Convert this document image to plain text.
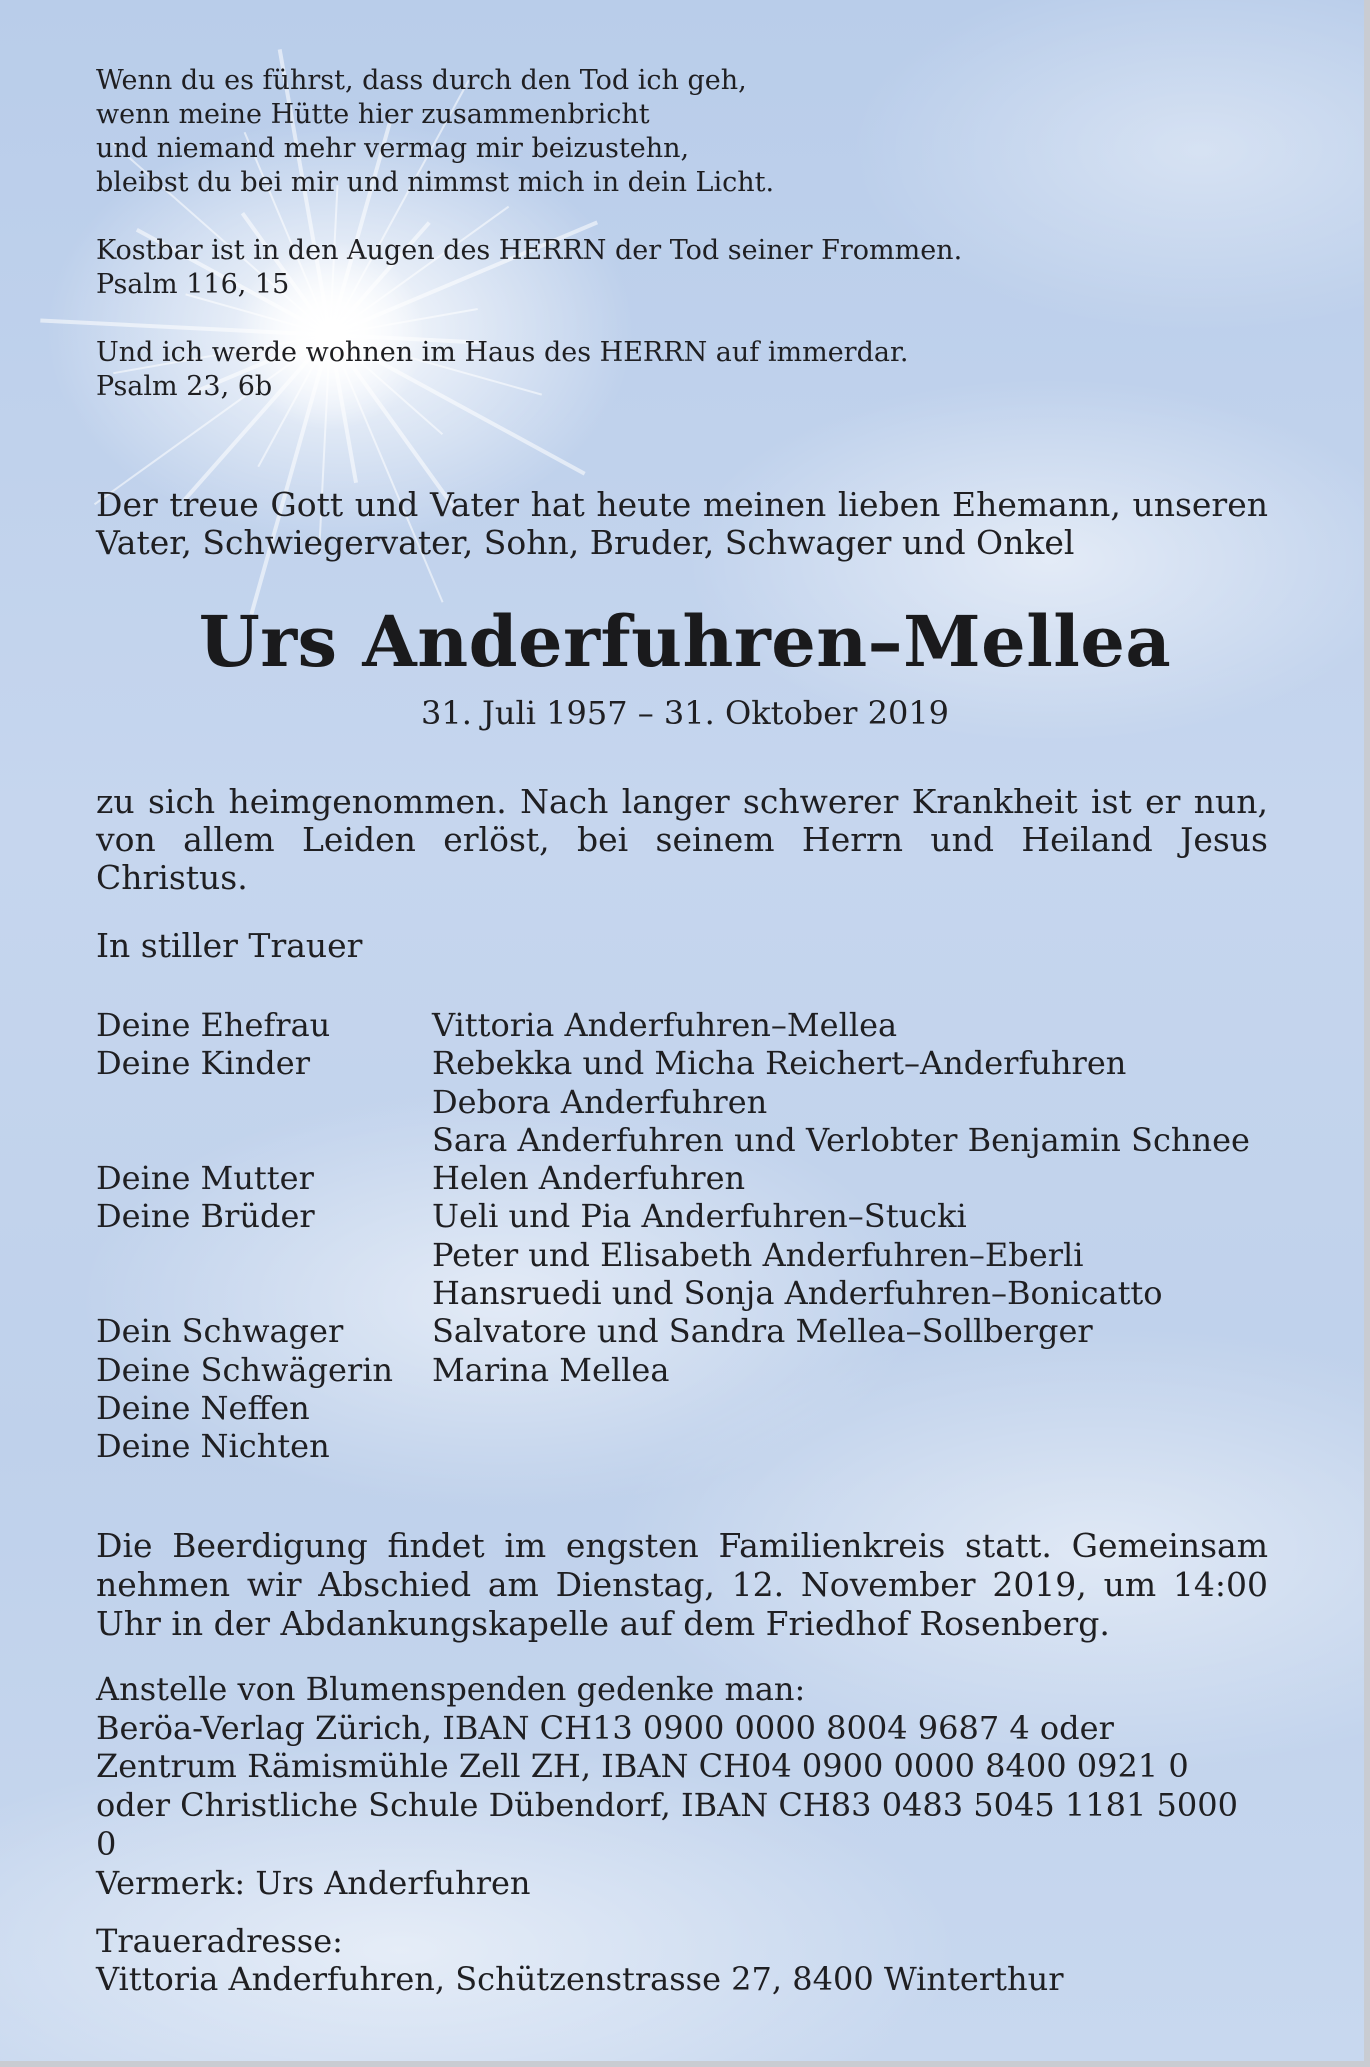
Wenn du es führst, dass durch den Tod ich geh,

wenn meine Hütte hier zusammenbricht

und niemand mehr vermag mir beizustehn,

bleibst du bei mir und nimmst mich in dein Licht.

Kostbar ist in den Augen des HERRN der Tod seiner Frommen.

Psalm 116, 15

Und ich werde wohnen im Haus des HERRN auf immerdar.

Psalm 23, 6b

Der treue Gott und Vater hat heute meinen lieben Ehemann, unseren Vater, Schwiegervater, Sohn, Bruder, Schwager und Onkel
Urs Anderfuhren–Mellea
31. Juli 1957 – 31. Oktober 2019
zu sich heimgenommen. Nach langer schwerer Krankheit ist er nun, von allem Leiden erlöst, bei seinem Herrn und Heiland Jesus Christus.
In stiller Trauer
Deine Ehefrau	Vittoria Anderfuhren–Mellea
Deine Kinder	Rebekka und Micha Reichert–Anderfuhren
Debora Anderfuhren
Sara Anderfuhren und Verlobter Benjamin Schnee
Deine Mutter	Helen Anderfuhren
Deine Brüder	Ueli und Pia Anderfuhren–Stucki
Peter und Elisabeth Anderfuhren–Eberli
Hansruedi und Sonja Anderfuhren–Bonicatto
Dein Schwager	Salvatore und Sandra Mellea–Sollberger
Deine Schwägerin	Marina Mellea
Deine Neffen
Deine Nichten
Die Beerdigung findet im engsten Familienkreis statt. Gemeinsam nehmen wir Abschied am Dienstag, 12. November 2019, um 14:00 Uhr in der Abdankungskapelle auf dem Friedhof Rosenberg.

Anstelle von Blumenspenden gedenke man:

Beröa-Verlag Zürich, IBAN CH13 0900 0000 8004 9687 4 oder

Zentrum Rämismühle Zell ZH, IBAN CH04 0900 0000 8400 0921 0

oder Christliche Schule Dübendorf, IBAN CH83 0483 5045 1181 5000 0

Vermerk: Urs Anderfuhren

Traueradresse:

Vittoria Anderfuhren, Schützenstrasse 27, 8400 Winterthur
